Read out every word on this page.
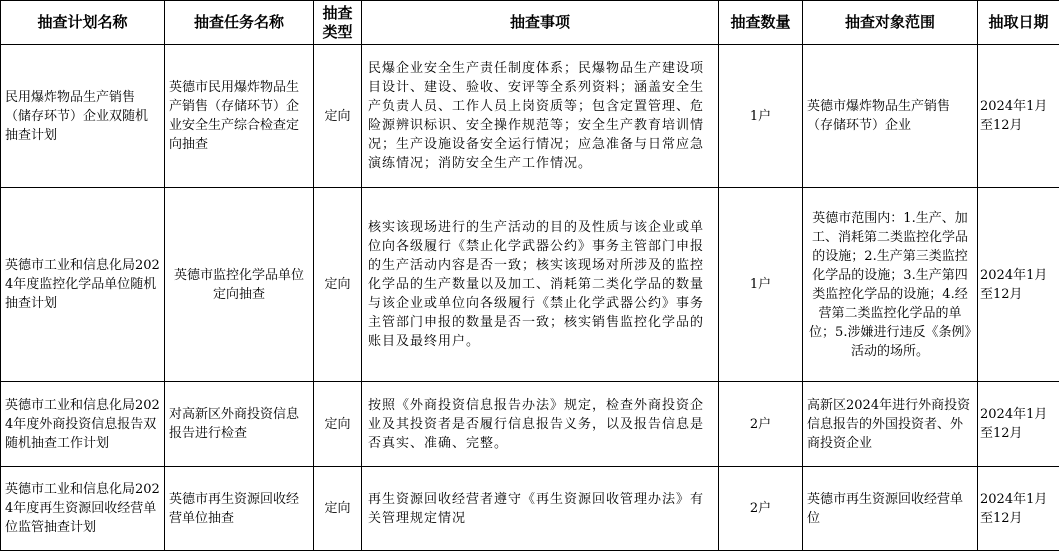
抽查计划名称	抽查任务名称	抽查类型	抽查事项	抽查数量	抽查对象范围	抽取日期
民用爆炸物品生产销售（储存环节）企业双随机抽查计划	英德市民用爆炸物品生产销售（存储环节）企业安全生产综合检查定向抽查	定向	民爆企业安全生产责任制度体系；民爆物品生产建设项目设计、建设、验收、安评等全系列资料；涵盖安全生产负责人员、工作人员上岗资质等；包含定置管理、危险源辨识标识、安全操作规范等；安全生产教育培训情况；生产设施设备安全运行情况；应急准备与日常应急演练情况；消防安全生产工作情况。	1户	英德市爆炸物品生产销售（存储环节）企业	2024年1月至12月
英德市工业和信息化局2024年度监控化学品单位随机抽查计划	英德市监控化学品单位定向抽查	定向	核实该现场进行的生产活动的目的及性质与该企业或单位向各级履行《禁止化学武器公约》事务主管部门申报的生产活动内容是否一致；核实该现场对所涉及的监控化学品的生产数量以及加工、消耗第二类化学品的数量与该企业或单位向各级履行《禁止化学武器公约》事务主管部门申报的数量是否一致；核实销售监控化学品的账目及最终用户。	1户	英德市范围内：1.生产、加工、消耗第二类监控化学品的设施；2.生产第三类监控化学品的设施；3.生产第四类监控化学品的设施；4.经营第二类监控化学品的单位；5.涉嫌进行违反《条例》活动的场所。	2024年1月至12月
英德市工业和信息化局2024年度外商投资信息报告双随机抽查工作计划	对高新区外商投资信息报告进行检查	定向	按照《外商投资信息报告办法》规定，检查外商投资企业及其投资者是否履行信息报告义务，以及报告信息是否真实、准确、完整。	2户	高新区2024年进行外商投资信息报告的外国投资者、外商投资企业	2024年1月至12月
英德市工业和信息化局2024年度再生资源回收经营单位监管抽查计划	英德市再生资源回收经营单位抽查	定向	再生资源回收经营者遵守《再生资源回收管理办法》有关管理规定情况	2户	英德市再生资源回收经营单位	2024年1月至12月
